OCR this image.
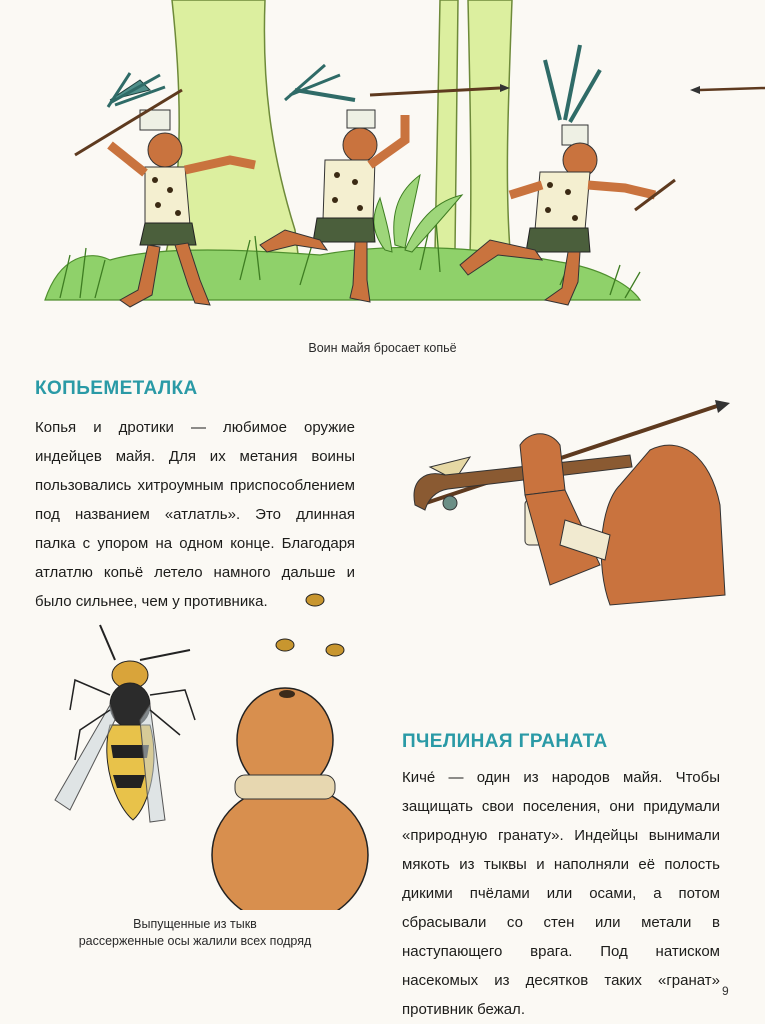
Воин майя бросает копьё
КОПЬЕМЕТАЛКА

Копья и дротики — любимое оружие индейцев майя. Для их метания воины пользовались хитроумным приспособлением под названием «атлатль». Это длинная палка с упором на одном конце. Благодаря атлатлю копьё летело намного дальше и было сильнее, чем у противника.

Выпущенные из тыкв
рассерженные осы жалили всех подряд
ПЧЕЛИНАЯ ГРАНАТА

Киче́ — один из народов майя. Чтобы защищать свои поселения, они придумали «природную гранату». Индейцы вынимали мякоть из тыквы и наполняли её полость дикими пчёлами или осами, а потом сбрасывали со стен или метали в наступающего врага. Под натиском насекомых из десятков таких «гранат» противник бежал.

9
